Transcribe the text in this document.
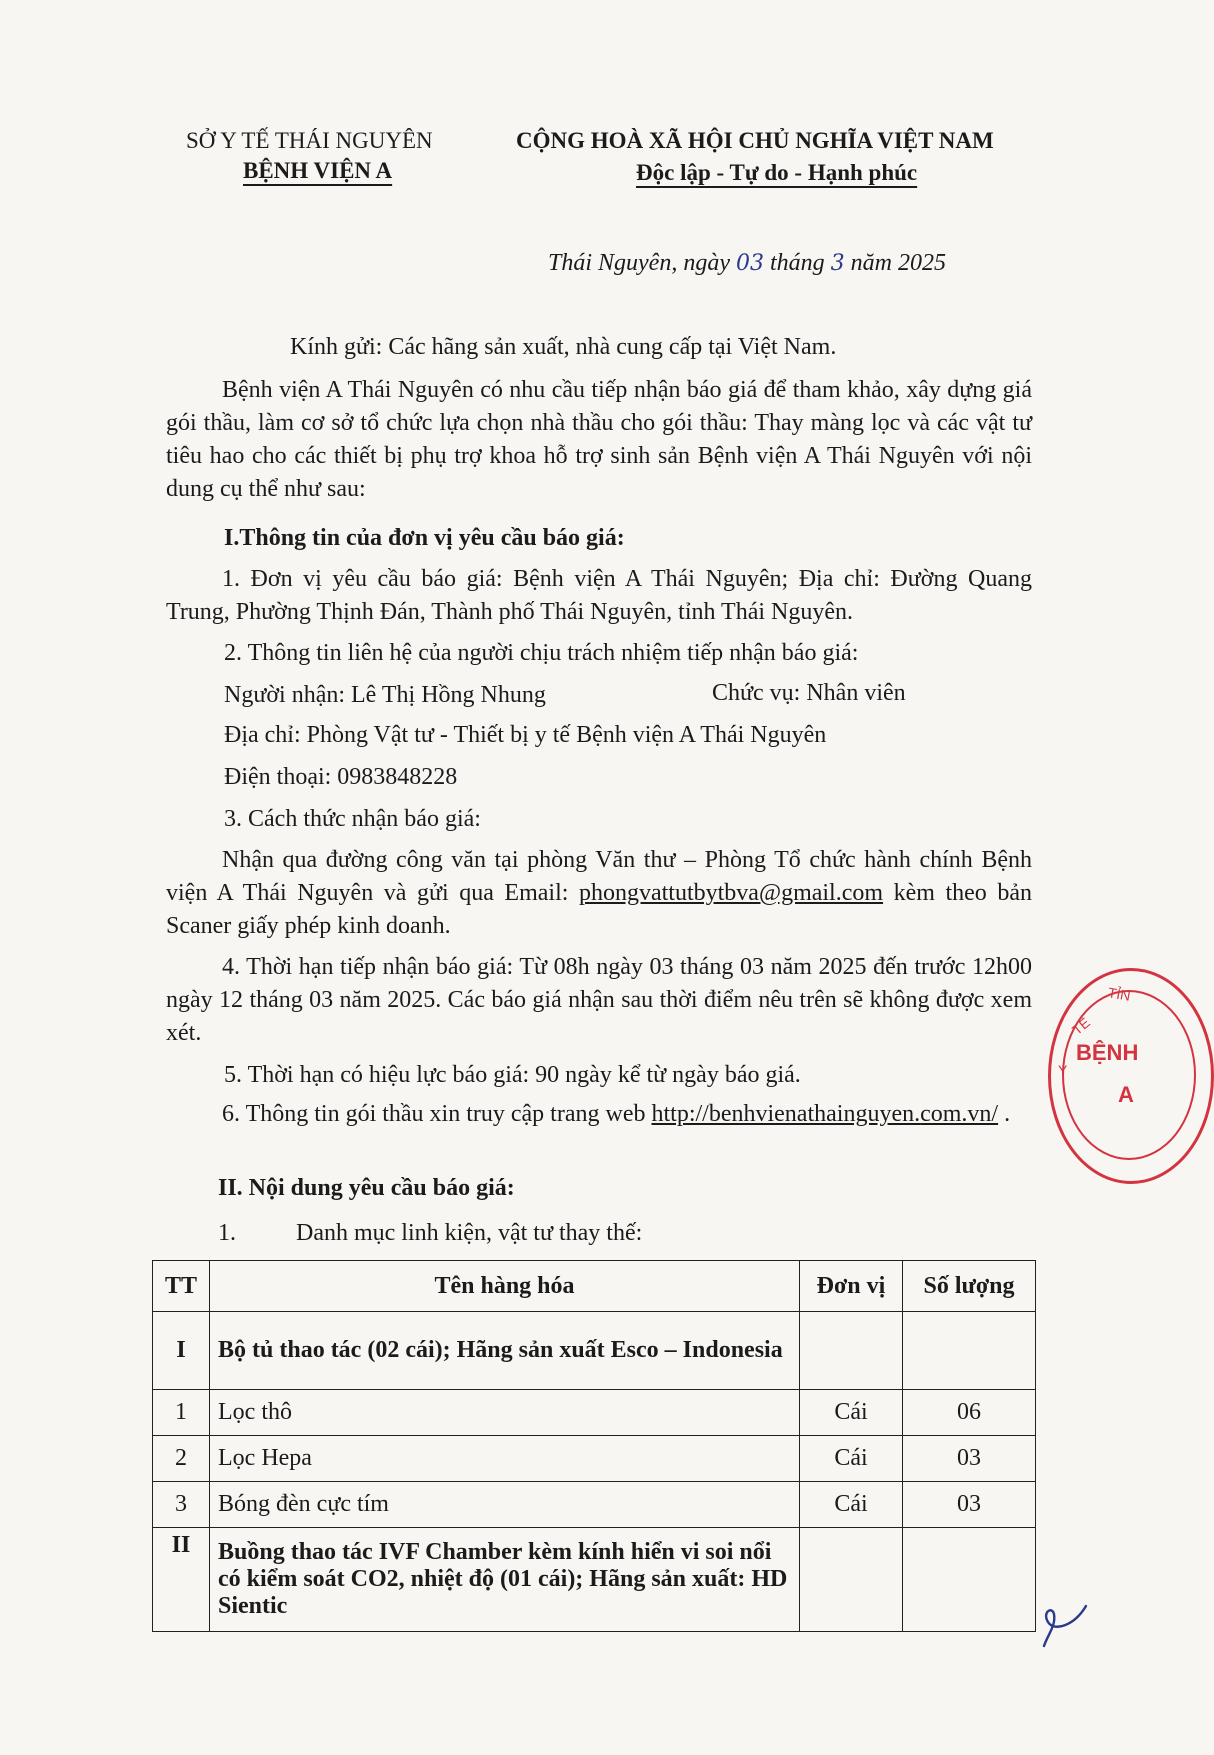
SỞ Y TẾ THÁI NGUYÊN
BỆNH VIỆN A
CỘNG HOÀ XÃ HỘI CHỦ NGHĨA VIỆT NAM
Độc lập - Tự do - Hạnh phúc
Thái Nguyên, ngày 03 tháng 3 năm 2025
Kính gửi: Các hãng sản xuất, nhà cung cấp tại Việt Nam.
Bệnh viện A Thái Nguyên có nhu cầu tiếp nhận báo giá để tham khảo, xây dựng giá gói thầu, làm cơ sở tổ chức lựa chọn nhà thầu cho gói thầu: Thay màng lọc và các vật tư tiêu hao cho các thiết bị phụ trợ khoa hỗ trợ sinh sản Bệnh viện A Thái Nguyên với nội dung cụ thể như sau:
I.Thông tin của đơn vị yêu cầu báo giá:
1. Đơn vị yêu cầu báo giá: Bệnh viện A Thái Nguyên; Địa chỉ: Đường Quang Trung, Phường Thịnh Đán, Thành phố Thái Nguyên, tỉnh Thái Nguyên.
2. Thông tin liên hệ của người chịu trách nhiệm tiếp nhận báo giá:
Người nhận: Lê Thị Hồng Nhung	Chức vụ: Nhân viên
Địa chỉ: Phòng Vật tư - Thiết bị y tế Bệnh viện A Thái Nguyên
Điện thoại: 0983848228
3. Cách thức nhận báo giá:
Nhận qua đường công văn tại phòng Văn thư – Phòng Tổ chức hành chính Bệnh viện A Thái Nguyên và gửi qua Email: phongvattutbytbva@gmail.com kèm theo bản Scaner giấy phép kinh doanh.
4. Thời hạn tiếp nhận báo giá: Từ 08h ngày 03 tháng 03 năm 2025 đến trước 12h00 ngày 12 tháng 03 năm 2025. Các báo giá nhận sau thời điểm nêu trên sẽ không được xem xét.
5. Thời hạn có hiệu lực báo giá: 90 ngày kể từ ngày báo giá.
6. Thông tin gói thầu xin truy cập trang web http://benhvienathainguyen.com.vn/ .
II. Nội dung yêu cầu báo giá:
1.	Danh mục linh kiện, vật tư thay thế:
TT	Tên hàng hóa	Đơn vị	Số lượng
I	Bộ tủ thao tác (02 cái); Hãng sản xuất Esco – Indonesia		
1	Lọc thô	Cái	06
2	Lọc Hepa	Cái	03
3	Bóng đèn cực tím	Cái	03
II	Buồng thao tác IVF Chamber kèm kính hiển vi soi nổi có kiểm soát CO2, nhiệt độ (01 cái); Hãng sản xuất: HD Sientic		
BỆNH
A
TỈN
Y
TẾ
